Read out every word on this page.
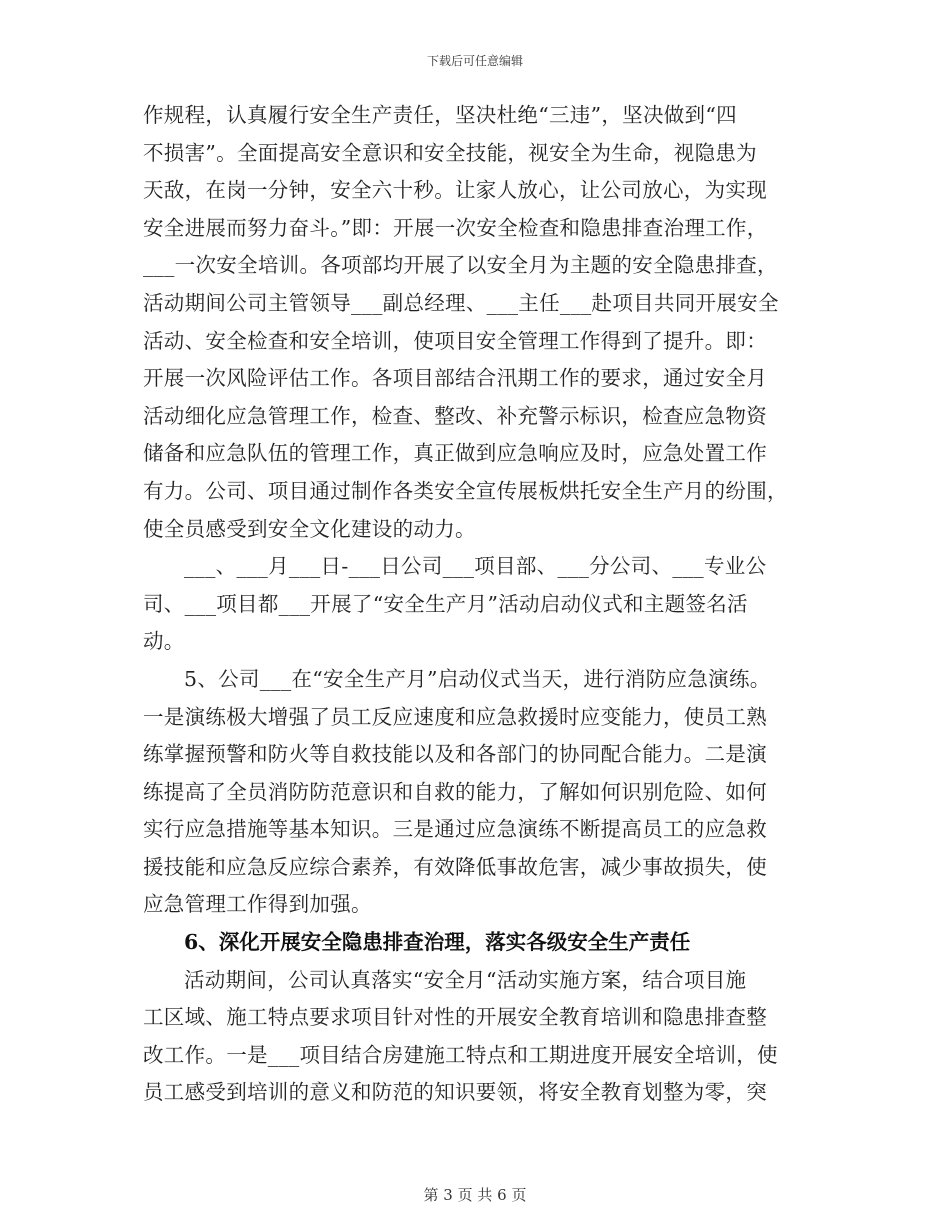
下载后可任意编辑
作规程，认真履行安全生产责任，坚决杜绝“三违”，坚决做到“四
不损害”。全面提高安全意识和安全技能，视安全为生命，视隐患为
天敌，在岗一分钟，安全六十秒。让家人放心，让公司放心，为实现
安全进展而努力奋斗。”即：开展一次安全检查和隐患排查治理工作，
___一次安全培训。各项部均开展了以安全月为主题的安全隐患排查，
活动期间公司主管领导___副总经理、___主任___赴项目共同开展安全
活动、安全检查和安全培训，使项目安全管理工作得到了提升。即：
开展一次风险评估工作。各项目部结合汛期工作的要求，通过安全月
活动细化应急管理工作，检查、整改、补充警示标识，检查应急物资
储备和应急队伍的管理工作，真正做到应急响应及时，应急处置工作
有力。公司、项目通过制作各类安全宣传展板烘托安全生产月的纷围，
使全员感受到安全文化建设的动力。
___、___月___日-___日公司___项目部、___分公司、___专业公
司、___项目都___开展了“安全生产月”活动启动仪式和主题签名活
动。
5、公司___在“安全生产月”启动仪式当天，进行消防应急演练。
一是演练极大增强了员工反应速度和应急救援时应变能力，使员工熟
练掌握预警和防火等自救技能以及和各部门的协同配合能力。二是演
练提高了全员消防防范意识和自救的能力，了解如何识别危险、如何
实行应急措施等基本知识。三是通过应急演练不断提高员工的应急救
援技能和应急反应综合素养，有效降低事故危害，减少事故损失，使
应急管理工作得到加强。
6、深化开展安全隐患排查治理，落实各级安全生产责任
活动期间，公司认真落实“安全月“活动实施方案，结合项目施
工区域、施工特点要求项目针对性的开展安全教育培训和隐患排查整
改工作。一是___项目结合房建施工特点和工期进度开展安全培训，使
员工感受到培训的意义和防范的知识要领，将安全教育划整为零，突
第 3 页 共 6 页
